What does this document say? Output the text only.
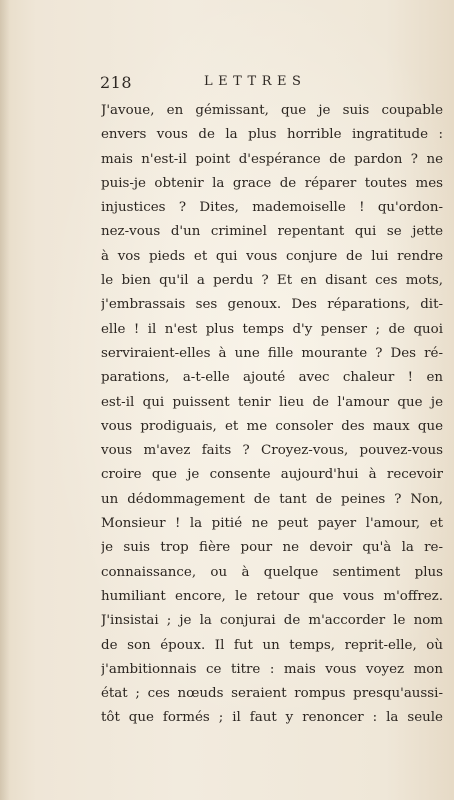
218	LETTRES
J'avoue, en gémissant, que je suis coupable
envers vous de la plus horrible ingratitude :
mais n'est-il point d'espérance de pardon ? ne
puis-je obtenir la grace de réparer toutes mes
injustices ? Dites, mademoiselle ! qu'ordon-
nez-vous d'un criminel repentant qui se jette
à vos pieds et qui vous conjure de lui rendre
le bien qu'il a perdu ? Et en disant ces mots,
j'embrassais ses genoux. Des réparations, dit-
elle ! il n'est plus temps d'y penser ; de quoi
serviraient-elles à une fille mourante ? Des ré-
parations, a-t-elle ajouté avec chaleur ! en
est-il qui puissent tenir lieu de l'amour que je
vous prodiguais, et me consoler des maux que
vous m'avez faits ? Croyez-vous, pouvez-vous
croire que je consente aujourd'hui à recevoir
un dédommagement de tant de peines ? Non,
Monsieur ! la pitié ne peut payer l'amour, et
je suis trop fière pour ne devoir qu'à la re-
connaissance, ou à quelque sentiment plus
humiliant encore, le retour que vous m'offrez.
J'insistai ; je la conjurai de m'accorder le nom
de son époux. Il fut un temps, reprit-elle, où
j'ambitionnais ce titre : mais vous voyez mon
état ; ces nœuds seraient rompus presqu'aussi-
tôt que formés ; il faut y renoncer : la seule
